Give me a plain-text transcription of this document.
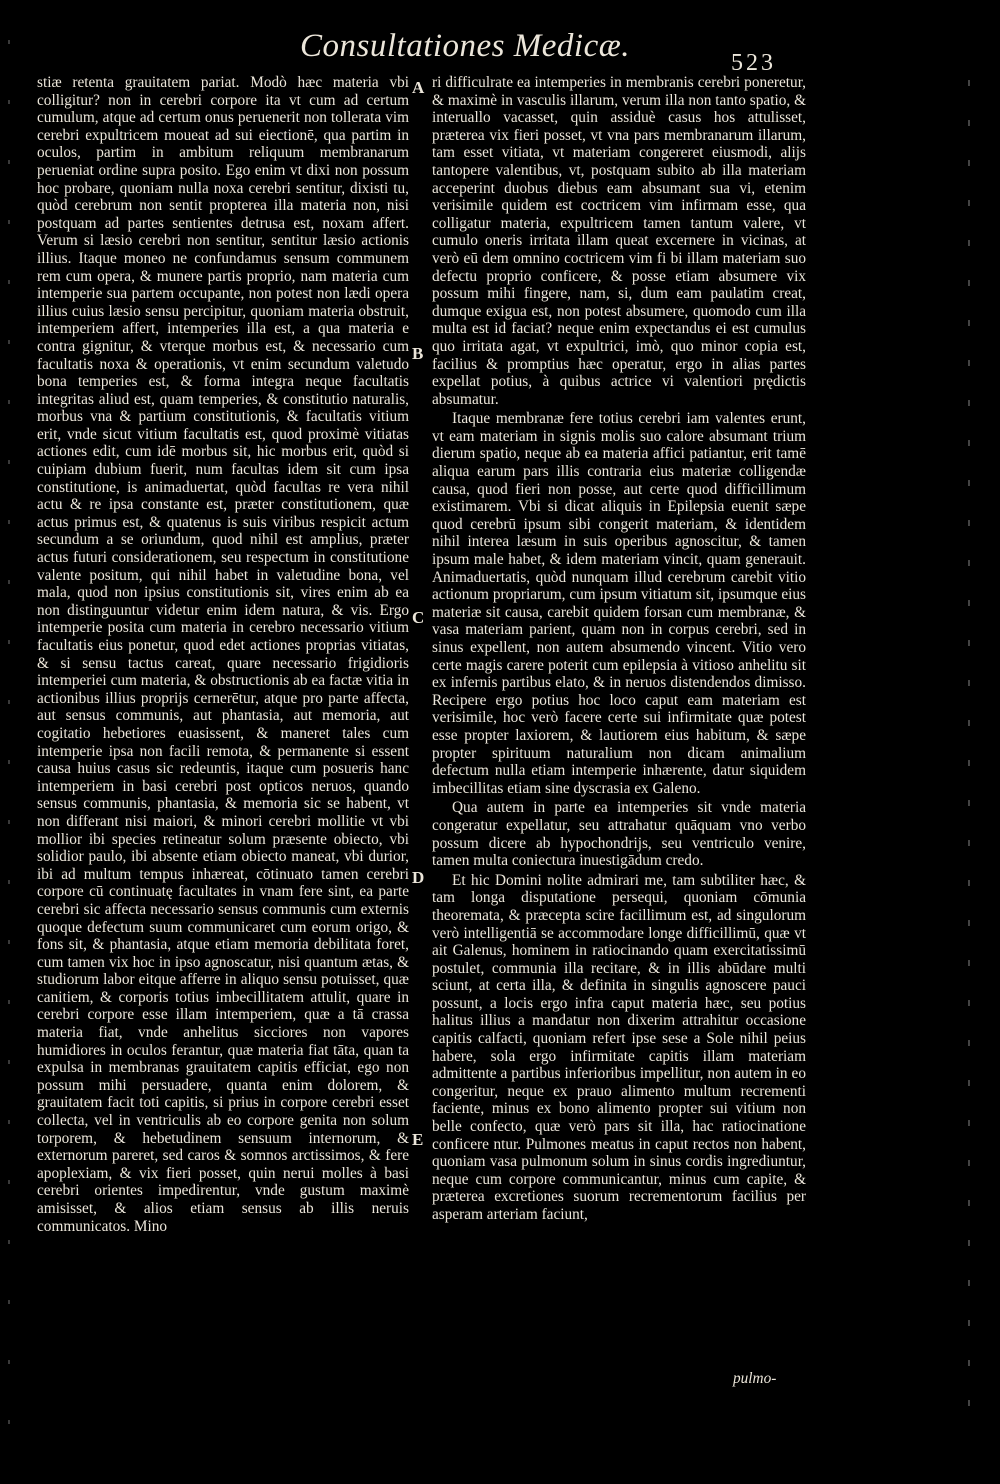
Consultationes Medicæ.	523

stiæ retenta grauitatem pariat. Modò hæc materia vbi colligitur? non in cerebri corpore ita vt cum ad certum cumulum, atque ad certum onus peruenerit non tollerata vim cerebri expultricem moueat ad sui eiectionē, qua partim in oculos, partim in ambitum reliquum membranarum perueniat ordine supra posito. Ego enim vt dixi non possum hoc probare, quoniam nulla noxa cerebri sentitur, dixisti tu, quòd cerebrum non sentit propterea illa materia non, nisi postquam ad partes sentientes detrusa est, noxam affert. Verum si læsio cerebri non sentitur, sentitur læsio actionis illius. Itaque moneo ne confundamus sensum communem rem cum opera, & munere partis proprio, nam materia cum intemperie sua partem occupante, non potest non lædi opera illius cuius læsio sensu percipitur, quoniam materia obstruit, intemperiem affert, intemperies illa est, a qua materia e contra gignitur, & vterque morbus est, & necessario cum facultatis noxa & operationis, vt enim secundum valetudo bona temperies est, & forma integra neque facultatis integritas aliud est, quam temperies, & constitutio naturalis, morbus vna & partium constitutionis, & facultatis vitium erit, vnde sicut vitium facultatis est, quod proximè vitiatas actiones edit, cum idē morbus sit, hic morbus erit, quòd si cuipiam dubium fuerit, num facultas idem sit cum ipsa constitutione, is animaduertat, quòd facultas re vera nihil actu & re ipsa constante est, præter constitutionem, quæ actus primus est, & quatenus is suis viribus respicit actum secundum a se oriundum, quod nihil est amplius, præter actus futuri considerationem, seu respectum in constitutione valente positum, qui nihil habet in valetudine bona, vel mala, quod non ipsius constitutionis sit, vires enim ab ea non distinguuntur videtur enim idem natura, & vis. Ergo intemperie posita cum materia in cerebro necessario vitium facultatis eius ponetur, quod edet actiones proprias vitiatas, & si sensu tactus careat, quare necessario frigidioris intemperiei cum materia, & obstructionis ab ea factæ vitia in actionibus illius proprijs cernerētur, atque pro parte affecta, aut sensus communis, aut phantasia, aut memoria, aut cogitatio hebetiores euasissent, & maneret tales cum intemperie ipsa non facili remota, & permanente si essent causa huius casus sic redeuntis, itaque cum posueris hanc intemperiem in basi cerebri post opticos neruos, quando sensus communis, phantasia, & memoria sic se habent, vt non differant nisi maiori, & minori cerebri mollitie vt vbi mollior ibi species retineatur solum præsente obiecto, vbi solidior paulo, ibi absente etiam obiecto maneat, vbi durior, ibi ad multum tempus inhæreat, cōtinuato tamen cerebri corpore cū continuatę facultates in vnam fere sint, ea parte cerebri sic affecta necessario sensus communis cum externis quoque defectum suum communicaret cum eorum origo, & fons sit, & phantasia, atque etiam memoria debilitata foret, cum tamen vix hoc in ipso agnoscatur, nisi quantum ætas, & studiorum labor eitque afferre in aliquo sensu potuisset, quæ canitiem, & corporis totius imbecillitatem attulit, quare in cerebri corpore esse illam intemperiem, quæ a tā crassa materia fiat, vnde anhelitus sicciores non vapores humidiores in oculos ferantur, quæ materia fiat tāta, quan ta expulsa in membranas grauitatem capitis efficiat, ego non possum mihi persuadere, quanta enim dolorem, & grauitatem facit toti capitis, si prius in corpore cerebri esset collecta, vel in ventriculis ab eo corpore genita non solum torporem, & hebetudinem sensuum internorum, & externorum pareret, sed caros & somnos arctissimos, & fere apoplexiam, & vix fieri posset, quin nerui molles à basi cerebri orientes impedirentur, vnde gustum maximè amisisset, & alios etiam sensus ab illis neruis communicatos. Mino

A
B
C
D
E

ri difficulrate ea intemperies in membranis cerebri poneretur, & maximè in vasculis illarum, verum illa non tanto spatio, & interuallo vacasset, quin assiduè casus hos attulisset, præterea vix fieri posset, vt vna pars membranarum illarum, tam esset vitiata, vt materiam congereret eiusmodi, alijs tantopere valentibus, vt, postquam subito ab illa materiam acceperint duobus diebus eam absumant sua vi, etenim verisimile quidem est coctricem vim infirmam esse, qua colligatur materia, expultricem tamen tantum valere, vt cumulo oneris irritata illam queat excernere in vicinas, at verò eū dem omnino coctricem vim fi bi illam materiam suo defectu proprio conficere, & posse etiam absumere vix possum mihi fingere, nam, si, dum eam paulatim creat, dumque exigua est, non potest absumere, quomodo cum illa multa est id faciat? neque enim expectandus ei est cumulus quo irritata agat, vt expultrici, imò, quo minor copia est, facilius & promptius hæc operatur, ergo in alias partes expellat potius, à quibus actrice vi valentiori prędictis absumatur.

Itaque membranæ fere totius cerebri iam valentes erunt, vt eam materiam in signis molis suo calore absumant trium dierum spatio, neque ab ea materia affici patiantur, erit tamē aliqua earum pars illis contraria eius materiæ colligendæ causa, quod fieri non posse, aut certe quod difficillimum existimarem. Vbi si dicat aliquis in Epilepsia euenit sæpe quod cerebrū ipsum sibi congerit materiam, & identidem nihil interea læsum in suis operibus agnoscitur, & tamen ipsum male habet, & idem materiam vincit, quam generauit. Animaduertatis, quòd nunquam illud cerebrum carebit vitio actionum propriarum, cum ipsum vitiatum sit, ipsumque eius materiæ sit causa, carebit quidem forsan cum membranæ, & vasa materiam parient, quam non in corpus cerebri, sed in sinus expellent, non autem absumendo vincent. Vitio vero certe magis carere poterit cum epilepsia à vitioso anhelitu sit ex infernis partibus elato, & in neruos distendendos dimisso. Recipere ergo potius hoc loco caput eam materiam est verisimile, hoc verò facere certe sui infirmitate quæ potest esse propter laxiorem, & lautiorem eius habitum, & sæpe propter spirituum naturalium non dicam animalium defectum nulla etiam intemperie inhærente, datur siquidem imbecillitas etiam sine dyscrasia ex Galeno.

Qua autem in parte ea intemperies sit vnde materia congeratur expellatur, seu attrahatur quāquam vno verbo possum dicere ab hypochondrijs, seu ventriculo venire, tamen multa coniectura inuestigādum credo.

Et hic Domini nolite admirari me, tam subtiliter hæc, & tam longa disputatione persequi, quoniam cōmunia theoremata, & præcepta scire facillimum est, ad singulorum verò intelligentiā se accommodare longe difficillimū, quæ vt ait Galenus, hominem in ratiocinando quam exercitatissimū postulet, communia illa recitare, & in illis abūdare multi sciunt, at certa illa, & definita in singulis agnoscere pauci possunt, a locis ergo infra caput materia hæc, seu potius halitus illius a mandatur non dixerim attrahitur occasione capitis calfacti, quoniam refert ipse sese a Sole nihil peius habere, sola ergo infirmitate capitis illam materiam admittente a partibus inferioribus impellitur, non autem in eo congeritur, neque ex prauo alimento multum recrementi faciente, minus ex bono alimento propter sui vitium non belle confecto, quæ verò pars sit illa, hac ratiocinatione conficere ntur. Pulmones meatus in caput rectos non habent, quoniam vasa pulmonum solum in sinus cordis ingrediuntur, neque cum corpore communicantur, minus cum capite, & præterea excretiones suorum recrementorum facilius per asperam arteriam faciunt,

pulmo-
